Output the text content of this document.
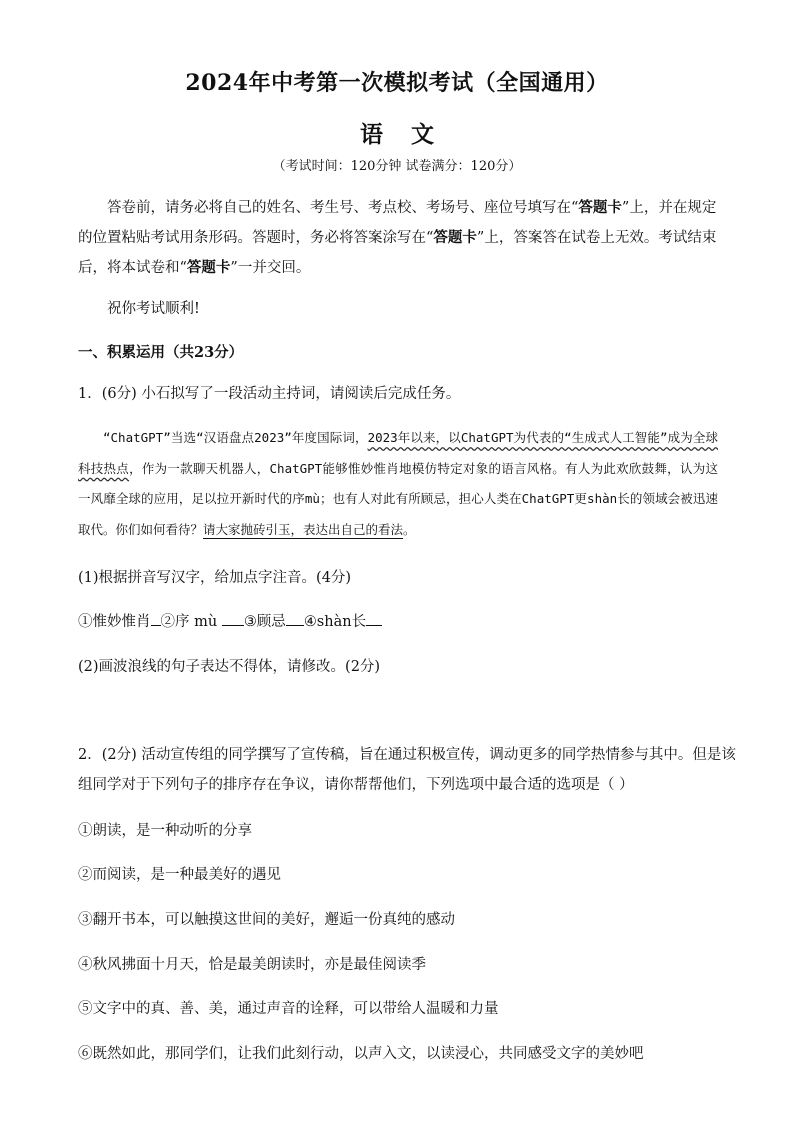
2024年中考第一次模拟考试（全国通用）
语文
（考试时间：120分钟 试卷满分：120分）
答卷前，请务必将自己的姓名、考生号、考点校、考场号、座位号填写在“答题卡”上，并在规定的位置粘贴考试用条形码。答题时，务必将答案涂写在“答题卡”上，答案答在试卷上无效。考试结束后，将本试卷和“答题卡”一并交回。
祝你考试顺利!
一、积累运用（共23分）
1．(6分) 小石拟写了一段活动主持词，请阅读后完成任务。
“ChatGPT”当选“汉语盘点2023”年度国际词，2023年以来，以ChatGPT为代表的“生成式人工智能”成为全球科技热点，作为一款聊天机器人，ChatGPT能够惟妙惟肖地模仿特定对象的语言风格。有人为此欢欣鼓舞，认为这一风靡全球的应用，足以拉开新时代的序mù；也有人对此有所顾忌，担心人类在ChatGPT更shàn长的领域会被迅速取代。你们如何看待？请大家抛砖引玉，表达出自己的看法。
(1)根据拼音写汉字，给加点字注音。(4分)
①惟妙惟肖 ②序 mù ③顾忌 ④shàn长
(2)画波浪线的句子表达不得体，请修改。(2分)
2．(2分) 活动宣传组的同学撰写了宣传稿，旨在通过积极宣传，调动更多的同学热情参与其中。但是该
组同学对于下列句子的排序存在争议，请你帮帮他们，下列选项中最合适的选项是（ ）
①朗读，是一种动听的分享
②而阅读，是一种最美好的遇见
③翻开书本，可以触摸这世间的美好，邂逅一份真纯的感动
④秋风拂面十月天，恰是最美朗读时，亦是最佳阅读季
⑤文字中的真、善、美，通过声音的诠释，可以带给人温暖和力量
⑥既然如此，那同学们，让我们此刻行动，以声入文，以读浸心，共同感受文字的美妙吧
